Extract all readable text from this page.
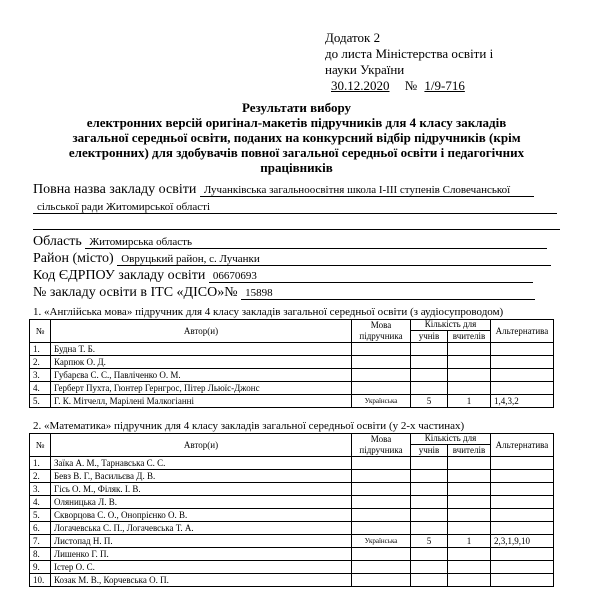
Додаток 2
до листа Міністерства освіти і
науки України
30.12.2020 № 1/9-716
Результати вибору
електронних версій оригінал-макетів підручників для 4 класу закладів
загальної середньої освіти, поданих на конкурсний відбір підручників (крім
електронних) для здобувачів повної загальної середньої освіти і педагогічних
працівників
Повна назва закладу освіти Лучанківська загальноосвітня школа І-ІІІ ступенів Словечанської
сільської ради Житомирської області
Область Житомирська область
Район (місто) Овруцький район, с. Лучанки
Код ЄДРПОУ закладу освіти 06670693
№ закладу освіти в ІТС «ДІСО»№ 15898
1. «Англійська мова» підручник для 4 класу закладів загальної середньої освіти (з аудіосупроводом)
№	Автор(и)	Мова підручника	Кількість для		Альтернатива
			учнів	вчителів	
1.	Будна Т. Б.				
2.	Карпюк О. Д.				
3.	Губарєва С. С., Павліченко О. М.				
4.	Герберт Пухта, Гюнтер Гернгрос, Пітер Льюїс-Джонс				
5.	Г. К. Мітчелл, Марілені Малкогіанні	Українська	5	1	1,4,3,2
2. «Математика» підручник для 4 класу закладів загальної середньої освіти (у 2-х частинах)
№	Автор(и)	Мова підручника	Кількість для		Альтернатива
			учнів	вчителів	
1.	Заїка А. М., Тарнавська С. С.				
2.	Бевз В. Г., Васильєва Д. В.				
3.	Гісь О. М., Філяк. І. В.				
4.	Оляницька Л. В.				
5.	Скворцова С. О., Онопрієнко О. В.				
6.	Логачевська С. П., Логачевська Т. А.				
7.	Листопад Н. П.	Українська	5	1	2,3,1,9,10
8.	Лишенко Г. П.				
9.	Істер О. С.				
10.	Козак М. В., Корчевська О. П.				
